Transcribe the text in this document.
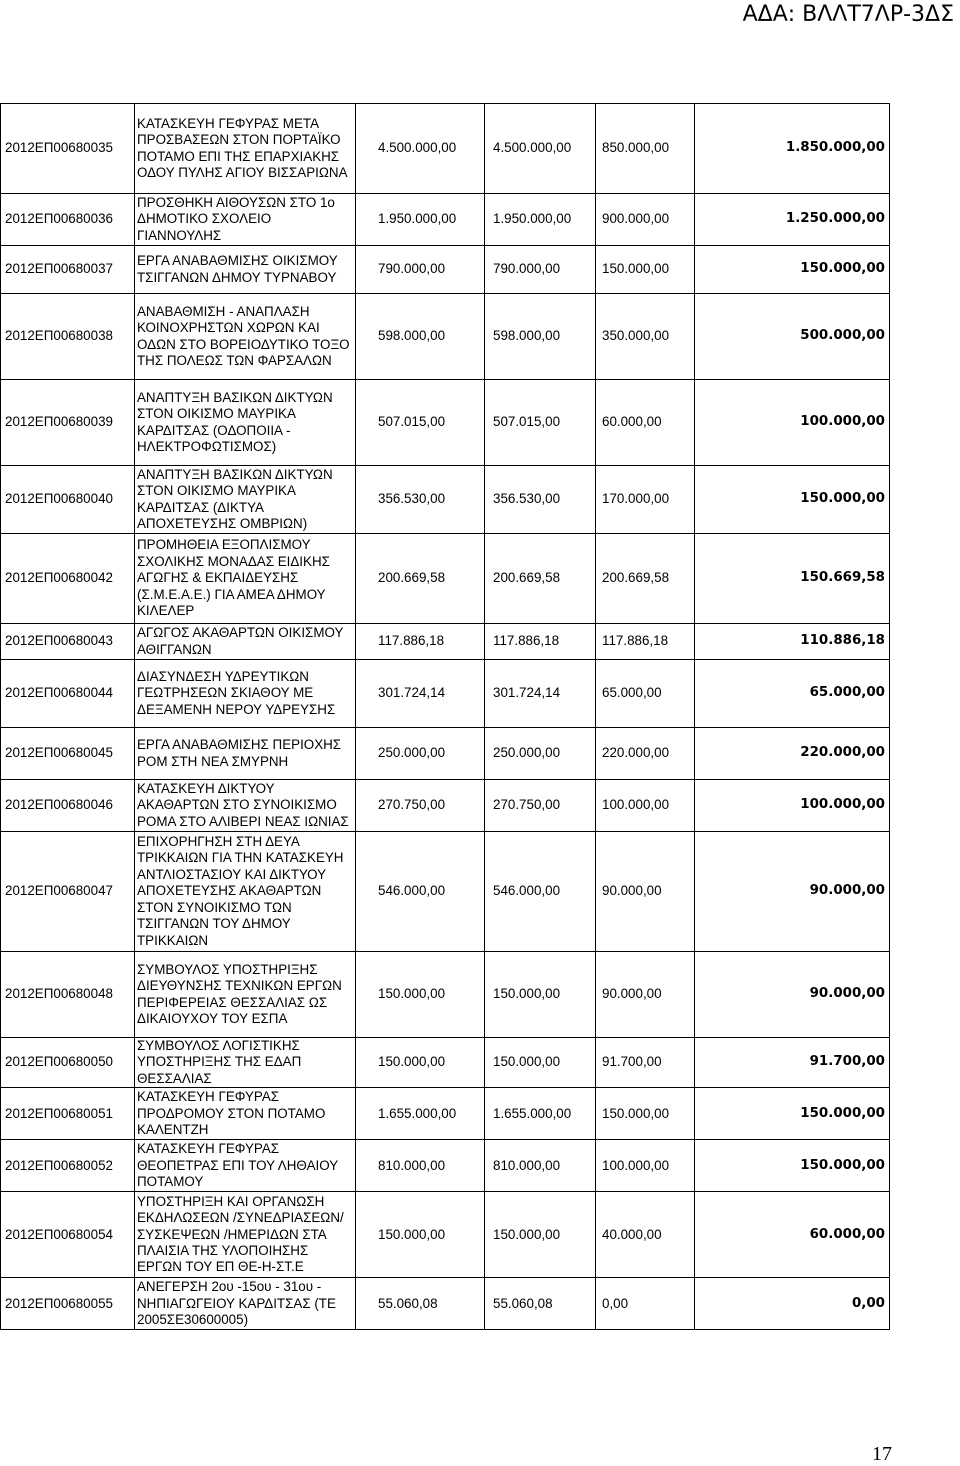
ΑΔΑ: ΒΛΛΤ7ΛΡ-3ΔΣ
2012ΕΠ00680035	ΚΑΤΑΣΚΕΥΗ ΓΕΦΥΡΑΣ ΜΕΤΑ ΠΡΟΣΒΑΣΕΩΝ ΣΤΟΝ ΠΟΡΤΑΪΚΟ ΠΟΤΑΜΟ ΕΠΙ ΤΗΣ ΕΠΑΡΧΙΑΚΗΣ ΟΔΟΥ ΠΥΛΗΣ ΑΓΙΟΥ ΒΙΣΣΑΡΙΩΝΑ	4.500.000,00	4.500.000,00	850.000,00	1.850.000,00
2012ΕΠ00680036	ΠΡΟΣΘΗΚΗ ΑΙΘΟΥΣΩΝ ΣΤΟ 1ο ΔΗΜΟΤΙΚΟ ΣΧΟΛΕΙΟ ΓΙΑΝΝΟΥΛΗΣ	1.950.000,00	1.950.000,00	900.000,00	1.250.000,00
2012ΕΠ00680037	ΕΡΓΑ ΑΝΑΒΑΘΜΙΣΗΣ ΟΙΚΙΣΜΟΥ ΤΣΙΓΓΑΝΩΝ ΔΗΜΟΥ ΤΥΡΝΑΒΟΥ	790.000,00	790.000,00	150.000,00	150.000,00
2012ΕΠ00680038	ΑΝΑΒΑΘΜΙΣΗ - ΑΝΑΠΛΑΣΗ ΚΟΙΝΟΧΡΗΣΤΩΝ ΧΩΡΩΝ ΚΑΙ ΟΔΩΝ ΣΤΟ ΒΟΡΕΙΟΔΥΤΙΚΟ ΤΟΞΟ ΤΗΣ ΠΟΛΕΩΣ ΤΩΝ ΦΑΡΣΑΛΩΝ	598.000,00	598.000,00	350.000,00	500.000,00
2012ΕΠ00680039	ΑΝΑΠΤΥΞΗ ΒΑΣΙΚΩΝ ΔΙΚΤΥΩΝ ΣΤΟΝ ΟΙΚΙΣΜΟ ΜΑΥΡΙΚΑ ΚΑΡΔΙΤΣΑΣ (ΟΔΟΠΟΙΙΑ - ΗΛΕΚΤΡΟΦΩΤΙΣΜΟΣ)	507.015,00	507.015,00	60.000,00	100.000,00
2012ΕΠ00680040	ΑΝΑΠΤΥΞΗ ΒΑΣΙΚΩΝ ΔΙΚΤΥΩΝ ΣΤΟΝ ΟΙΚΙΣΜΟ ΜΑΥΡΙΚΑ ΚΑΡΔΙΤΣΑΣ (ΔΙΚΤΥΑ ΑΠΟΧΕΤΕΥΣΗΣ ΟΜΒΡΙΩΝ)	356.530,00	356.530,00	170.000,00	150.000,00
2012ΕΠ00680042	ΠΡΟΜΗΘΕΙΑ ΕΞΟΠΛΙΣΜΟΥ ΣΧΟΛΙΚΗΣ ΜΟΝΑΔΑΣ ΕΙΔΙΚΗΣ ΑΓΩΓΗΣ & ΕΚΠΑΙΔΕΥΣΗΣ (Σ.Μ.Ε.Α.Ε.) ΓΙΑ ΑΜΕΑ ΔΗΜΟΥ ΚΙΛΕΛΕΡ	200.669,58	200.669,58	200.669,58	150.669,58
2012ΕΠ00680043	ΑΓΩΓΟΣ ΑΚΑΘΑΡΤΩΝ ΟΙΚΙΣΜΟΥ ΑΘΙΓΓΑΝΩΝ	117.886,18	117.886,18	117.886,18	110.886,18
2012ΕΠ00680044	ΔΙΑΣΥΝΔΕΣΗ ΥΔΡΕΥΤΙΚΩΝ ΓΕΩΤΡΗΣΕΩΝ ΣΚΙΑΘΟΥ ΜΕ ΔΕΞΑΜΕΝΗ ΝΕΡΟΥ ΥΔΡΕΥΣΗΣ	301.724,14	301.724,14	65.000,00	65.000,00
2012ΕΠ00680045	ΕΡΓΑ ΑΝΑΒΑΘΜΙΣΗΣ ΠΕΡΙΟΧΗΣ ΡΟΜ ΣΤΗ ΝΕΑ ΣΜΥΡΝΗ	250.000,00	250.000,00	220.000,00	220.000,00
2012ΕΠ00680046	ΚΑΤΑΣΚΕΥΗ ΔΙΚΤΥΟΥ ΑΚΑΘΑΡΤΩΝ ΣΤΟ ΣΥΝΟΙΚΙΣΜΟ ΡΟΜΑ ΣΤΟ ΑΛΙΒΕΡΙ ΝΕΑΣ ΙΩΝΙΑΣ	270.750,00	270.750,00	100.000,00	100.000,00
2012ΕΠ00680047	ΕΠΙΧΟΡΗΓΗΣΗ ΣΤΗ ΔΕΥΑ ΤΡΙΚΚΑΙΩΝ ΓΙΑ ΤΗΝ ΚΑΤΑΣΚΕΥΗ ΑΝΤΛΙΟΣΤΑΣΙΟΥ ΚΑΙ ΔΙΚΤΥΟΥ ΑΠΟΧΕΤΕΥΣΗΣ ΑΚΑΘΑΡΤΩΝ ΣΤΟΝ ΣΥΝΟΙΚΙΣΜΟ ΤΩΝ ΤΣΙΓΓΑΝΩΝ ΤΟΥ ΔΗΜΟΥ ΤΡΙΚΚΑΙΩΝ	546.000,00	546.000,00	90.000,00	90.000,00
2012ΕΠ00680048	ΣΥΜΒΟΥΛΟΣ ΥΠΟΣΤΗΡΙΞΗΣ ΔΙΕΥΘΥΝΣΗΣ ΤΕΧΝΙΚΩΝ ΕΡΓΩΝ ΠΕΡΙΦΕΡΕΙΑΣ ΘΕΣΣΑΛΙΑΣ ΩΣ ΔΙΚΑΙΟΥΧΟΥ ΤΟΥ ΕΣΠΑ	150.000,00	150.000,00	90.000,00	90.000,00
2012ΕΠ00680050	ΣΥΜΒΟΥΛΟΣ ΛΟΓΙΣΤΙΚΗΣ ΥΠΟΣΤΗΡΙΞΗΣ ΤΗΣ ΕΔΑΠ ΘΕΣΣΑΛΙΑΣ	150.000,00	150.000,00	91.700,00	91.700,00
2012ΕΠ00680051	ΚΑΤΑΣΚΕΥΗ ΓΕΦΥΡΑΣ ΠΡΟΔΡΟΜΟΥ ΣΤΟΝ ΠΟΤΑΜΟ ΚΑΛΕΝΤΖΗ	1.655.000,00	1.655.000,00	150.000,00	150.000,00
2012ΕΠ00680052	ΚΑΤΑΣΚΕΥΗ ΓΕΦΥΡΑΣ ΘΕΟΠΕΤΡΑΣ ΕΠΙ ΤΟΥ ΛΗΘΑΙΟΥ ΠΟΤΑΜΟΥ	810.000,00	810.000,00	100.000,00	150.000,00
2012ΕΠ00680054	ΥΠΟΣΤΗΡΙΞΗ ΚΑΙ ΟΡΓΑΝΩΣΗ ΕΚΔΗΛΩΣΕΩΝ /ΣΥΝΕΔΡΙΑΣΕΩΝ/ΣΥΣΚΕΨΕΩΝ /ΗΜΕΡΙΔΩΝ ΣΤΑ ΠΛΑΙΣΙΑ ΤΗΣ ΥΛΟΠΟΙΗΣΗΣ ΕΡΓΩΝ ΤΟΥ ΕΠ ΘΕ-Η-ΣΤ.Ε	150.000,00	150.000,00	40.000,00	60.000,00
2012ΕΠ00680055	ΑΝΕΓΕΡΣΗ 2ου -15ου - 31ου - ΝΗΠΙΑΓΩΓΕΙΟΥ ΚΑΡΔΙΤΣΑΣ (ΤΕ 2005ΣΕ30600005)	55.060,08	55.060,08	0,00	0,00
17
